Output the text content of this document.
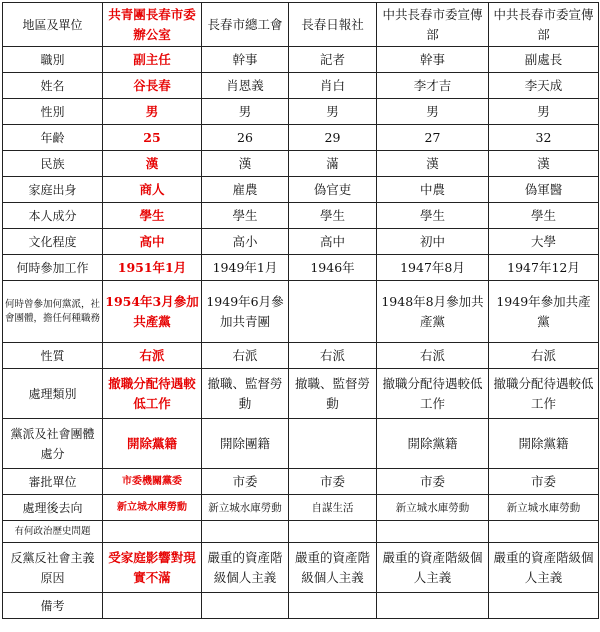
地區及單位	共青團長春市委辦公室	長春市總工會	長春日報社	中共長春市委宣傳部	中共長春市委宣傳部
職別	副主任	幹事	記者	幹事	副處長
姓名	谷長春	肖恩義	肖白	李才吉	李天成
性別	男	男	男	男	男
年齡	25	26	29	27	32
民族	漢	漢	滿	漢	漢
家庭出身	商人	雇農	偽官吏	中農	偽軍醫
本人成分	學生	學生	學生	學生	學生
文化程度	高中	高小	高中	初中	大學
何時參加工作	1951年1月	1949年1月	1946年	1947年8月	1947年12月
何時曾參加何黨派，社會團體，擔任何種職務	1954年3月參加共產黨	1949年6月參加共青團		1948年8月參加共產黨	1949年參加共產黨
性質	右派	右派	右派	右派	右派
處理類別	撤職分配待遇較低工作	撤職、監督勞動	撤職、監督勞動	撤職分配待遇較低工作	撤職分配待遇較低工作
黨派及社會團體處分	開除黨籍	開除團籍		開除黨籍	開除黨籍
審批單位	市委機關黨委	市委	市委	市委	市委
處理後去向	新立城水庫勞動	新立城水庫勞動	自謀生活	新立城水庫勞動	新立城水庫勞動
有何政治歷史問題					
反黨反社會主義原因	受家庭影響對現實不滿	嚴重的資產階級個人主義	嚴重的資產階級個人主義	嚴重的資產階級個人主義	嚴重的資產階級個人主義
備考					
